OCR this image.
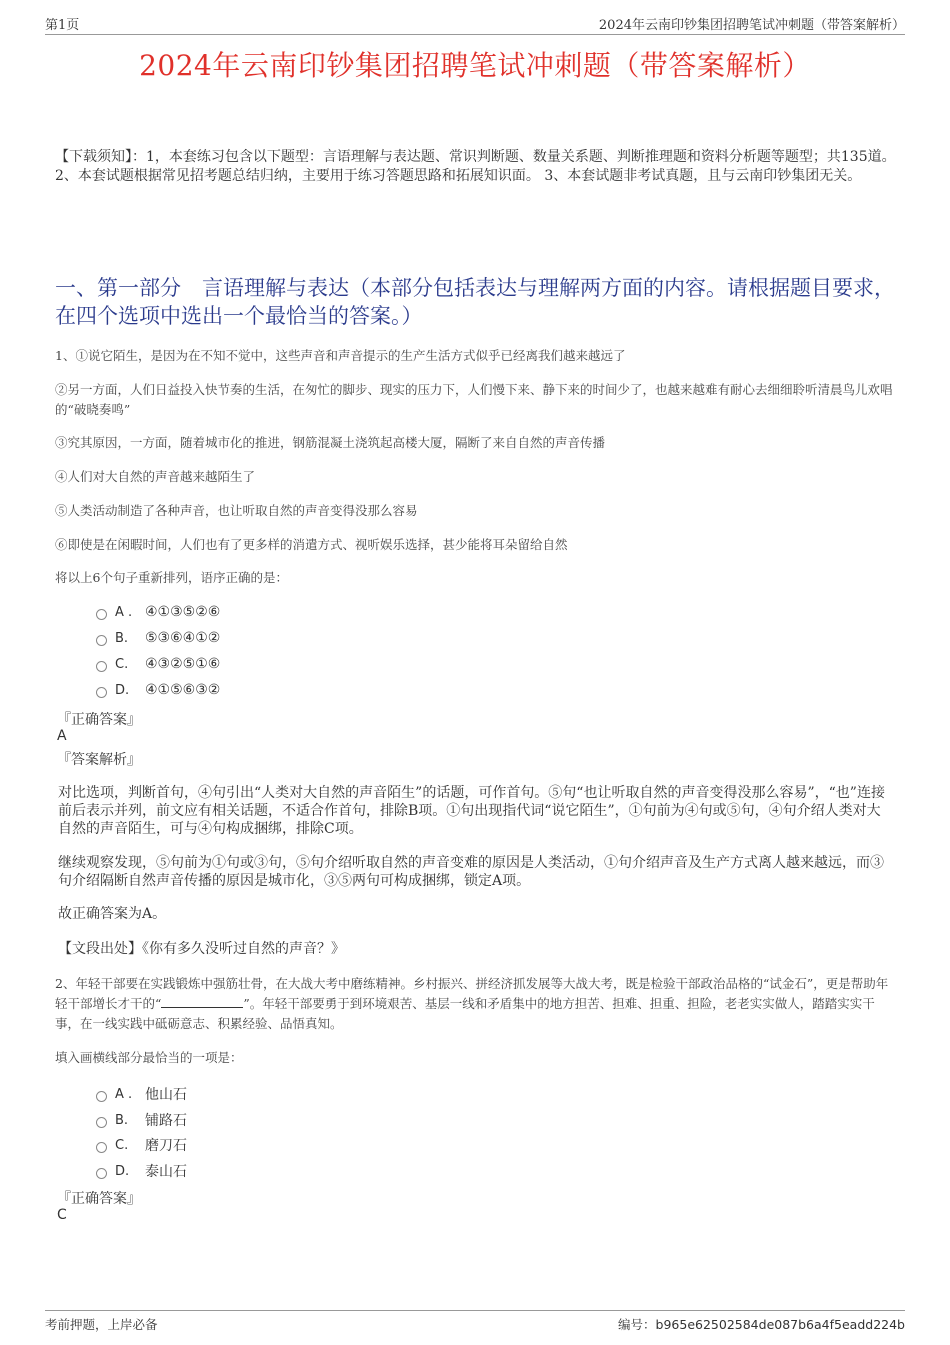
第1页	2024年云南印钞集团招聘笔试冲刺题（带答案解析）
2024年云南印钞集团招聘笔试冲刺题（带答案解析）
【下载须知】：1，本套练习包含以下题型：言语理解与表达题、常识判断题、数量关系题、判断推理题和资料分析题等题型；共135道。 2、本套试题根据常见招考题总结归纳，主要用于练习答题思路和拓展知识面。 3、本套试题非考试真题，且与云南印钞集团无关。
一、第一部分　言语理解与表达（本部分包括表达与理解两方面的内容。请根据题目要求，在四个选项中选出一个最恰当的答案。）
1、①说它陌生，是因为在不知不觉中，这些声音和声音提示的生产生活方式似乎已经离我们越来越远了
②另一方面，人们日益投入快节奏的生活，在匆忙的脚步、现实的压力下，人们慢下来、静下来的时间少了，也越来越难有耐心去细细聆听清晨鸟儿欢唱的“破晓奏鸣”
③究其原因，一方面，随着城市化的推进，钢筋混凝土浇筑起高楼大厦，隔断了来自自然的声音传播
④人们对大自然的声音越来越陌生了
⑤人类活动制造了各种声音，也让听取自然的声音变得没那么容易
⑥即使是在闲暇时间，人们也有了更多样的消遣方式、视听娱乐选择，甚少能将耳朵留给自然
将以上6个句子重新排列，语序正确的是：
A . ④①③⑤②⑥
B.	⑤③⑥④①②
C.	④③②⑤①⑥
D.	④①⑤⑥③②
『正确答案』
A
『答案解析』
对比选项，判断首句，④句引出“人类对大自然的声音陌生”的话题，可作首句。⑤句“也让听取自然的声音变得没那么容易”，“也”连接前后表示并列，前文应有相关话题，不适合作首句，排除B项。①句出现指代词“说它陌生”，①句前为④句或⑤句，④句介绍人类对大自然的声音陌生，可与④句构成捆绑，排除C项。
继续观察发现，⑤句前为①句或③句，⑤句介绍听取自然的声音变难的原因是人类活动，①句介绍声音及生产方式离人越来越远，而③句介绍隔断自然声音传播的原因是城市化，③⑤两句可构成捆绑，锁定A项。
故正确答案为A。
【文段出处】《你有多久没听过自然的声音？》
2、年轻干部要在实践锻炼中强筋壮骨，在大战大考中磨练精神。乡村振兴、拼经济抓发展等大战大考，既是检验干部政治品格的“试金石”，更是帮助年轻干部增长才干的“	”。年轻干部要勇于到环境艰苦、基层一线和矛盾集中的地方担苦、担难、担重、担险，老老实实做人，踏踏实实干事，在一线实践中砥砺意志、积累经验、品悟真知。
填入画横线部分最恰当的一项是：
A . 他山石
B.	铺路石
C.	磨刀石
D.	泰山石
『正确答案』
C
考前押题，上岸必备	编号：b965e62502584de087b6a4f5eadd224b
